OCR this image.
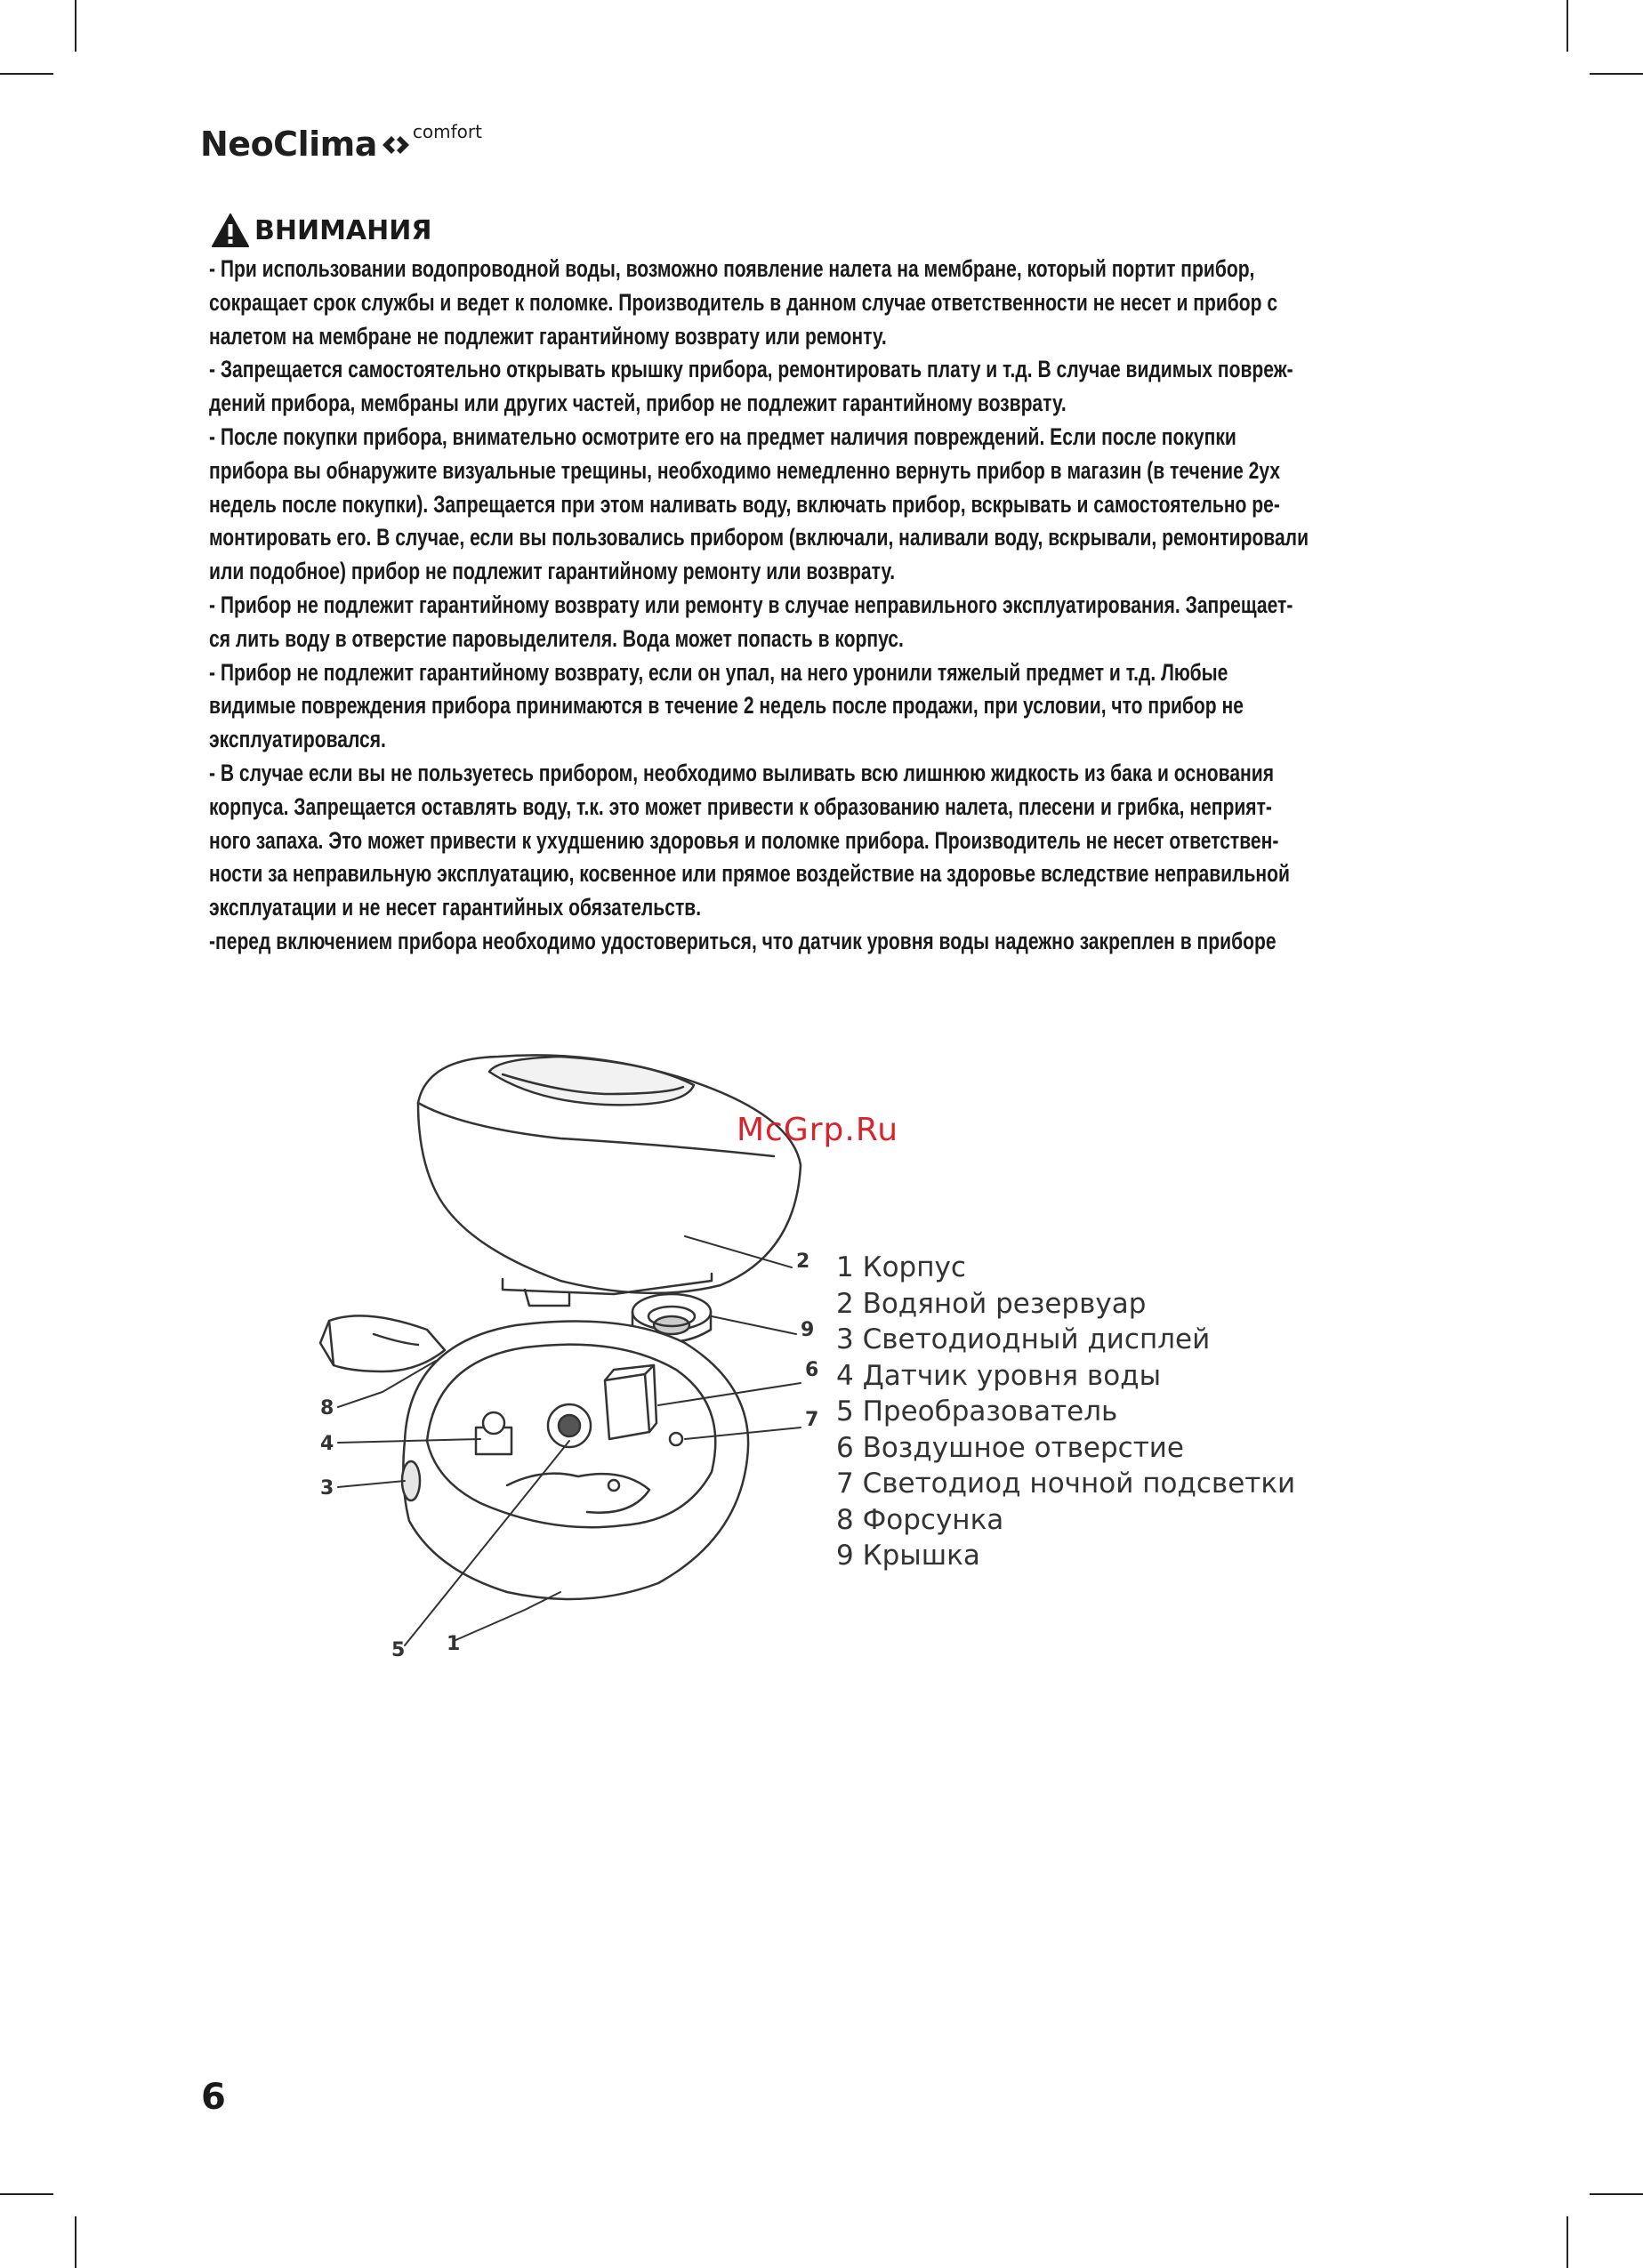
NeoClima comfort
ВНИМАНИЯ

- При использовании водопроводной воды, возможно появление налета на мембране, который портит прибор,

сокращает срок службы и ведет к поломке. Производитель в данном случае ответственности не несет и прибор с

налетом на мембране не подлежит гарантийному возврату или ремонту.

- Запрещается самостоятельно открывать крышку прибора, ремонтировать плату и т.д. В случае видимых повреж-

дений прибора, мембраны или других частей, прибор не подлежит гарантийному возврату.

- После покупки прибора, внимательно осмотрите его на предмет наличия повреждений. Если после покупки

прибора вы обнаружите визуальные трещины, необходимо немедленно вернуть прибор в магазин (в течение 2ух

недель после покупки). Запрещается при этом наливать воду, включать прибор, вскрывать и самостоятельно ре-

монтировать его. В случае, если вы пользовались прибором (включали, наливали воду, вскрывали, ремонтировали

или подобное) прибор не подлежит гарантийному ремонту или возврату.

- Прибор не подлежит гарантийному возврату или ремонту в случае неправильного эксплуатирования. Запрещает-

ся лить воду в отверстие паровыделителя. Вода может попасть в корпус.

- Прибор не подлежит гарантийному возврату, если он упал, на него уронили тяжелый предмет и т.д. Любые

видимые повреждения прибора принимаются в течение 2 недель после продажи, при условии, что прибор не

эксплуатировался.

- В случае если вы не пользуетесь прибором, необходимо выливать всю лишнюю жидкость из бака и основания

корпуса. Запрещается оставлять воду, т.к. это может привести к образованию налета, плесени и грибка, неприят-

ного запаха. Это может привести к ухудшению здоровья и поломке прибора. Производитель не несет ответствен-

ности за неправильную эксплуатацию, косвенное или прямое воздействие на здоровье вследствие неправильной

эксплуатации и не несет гарантийных обязательств.

-перед включением прибора необходимо удостовериться, что датчик уровня воды надежно закреплен в приборе

2
9
6
7
8
4
3
5 1
McGrp.Ru
1 Корпус
2 Водяной резервуар
3 Светодиодный дисплей
4 Датчик уровня воды
5 Преобразователь
6 Воздушное отверстие
7 Светодиод ночной подсветки
8 Форсунка
9 Крышка
6
